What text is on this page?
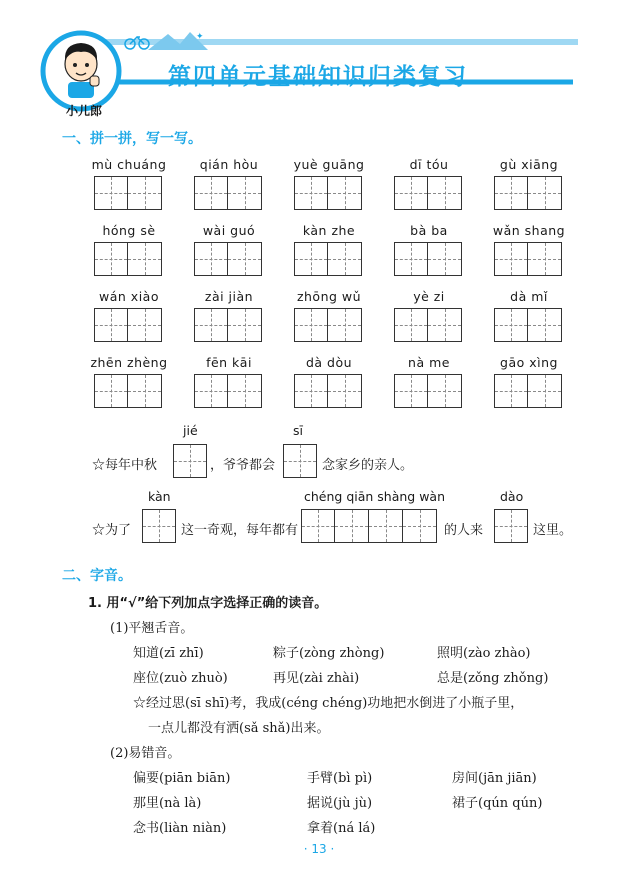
✦
第四单元基础知识归类复习
小儿郎
一、拼一拼，写一写。
mù chuáng	qián hòu	yuè guāng	dī tóu	gù xiāng
hóng sè	wài guó	kàn zhe	bà ba	wǎn shang
wán xiào	zài jiàn	zhōng wǔ	yè zi	dà mǐ
zhēn zhèng	fēn kāi	dà dòu	nà me	gāo xìng
jié	sī
☆每年中秋	，爷爷都会	念家乡的亲人。
kàn	chéng qiān shàng wàn	dào
☆为了	这一奇观，每年都有	的人来	这里。
二、字音。
1. 用“√”给下列加点字选择正确的读音。
(1)平翘舌音。
知道(zī zhī)	粽子(zòng zhòng)	照明(zào zhào)
座位(zuò zhuò)	再见(zài zhài)	总是(zǒng zhǒng)
☆经过思(sī shī)考，我成(céng chéng)功地把水倒进了小瓶子里，
一点儿都没有洒(sǎ shǎ)出来。
(2)易错音。
偏要(piān biān)	手臂(bì pì)	房间(jān jiān)
那里(nà là)	据说(jù jù)	裙子(qún qún)
念书(liàn niàn)	拿着(ná lá)
· 13 ·
